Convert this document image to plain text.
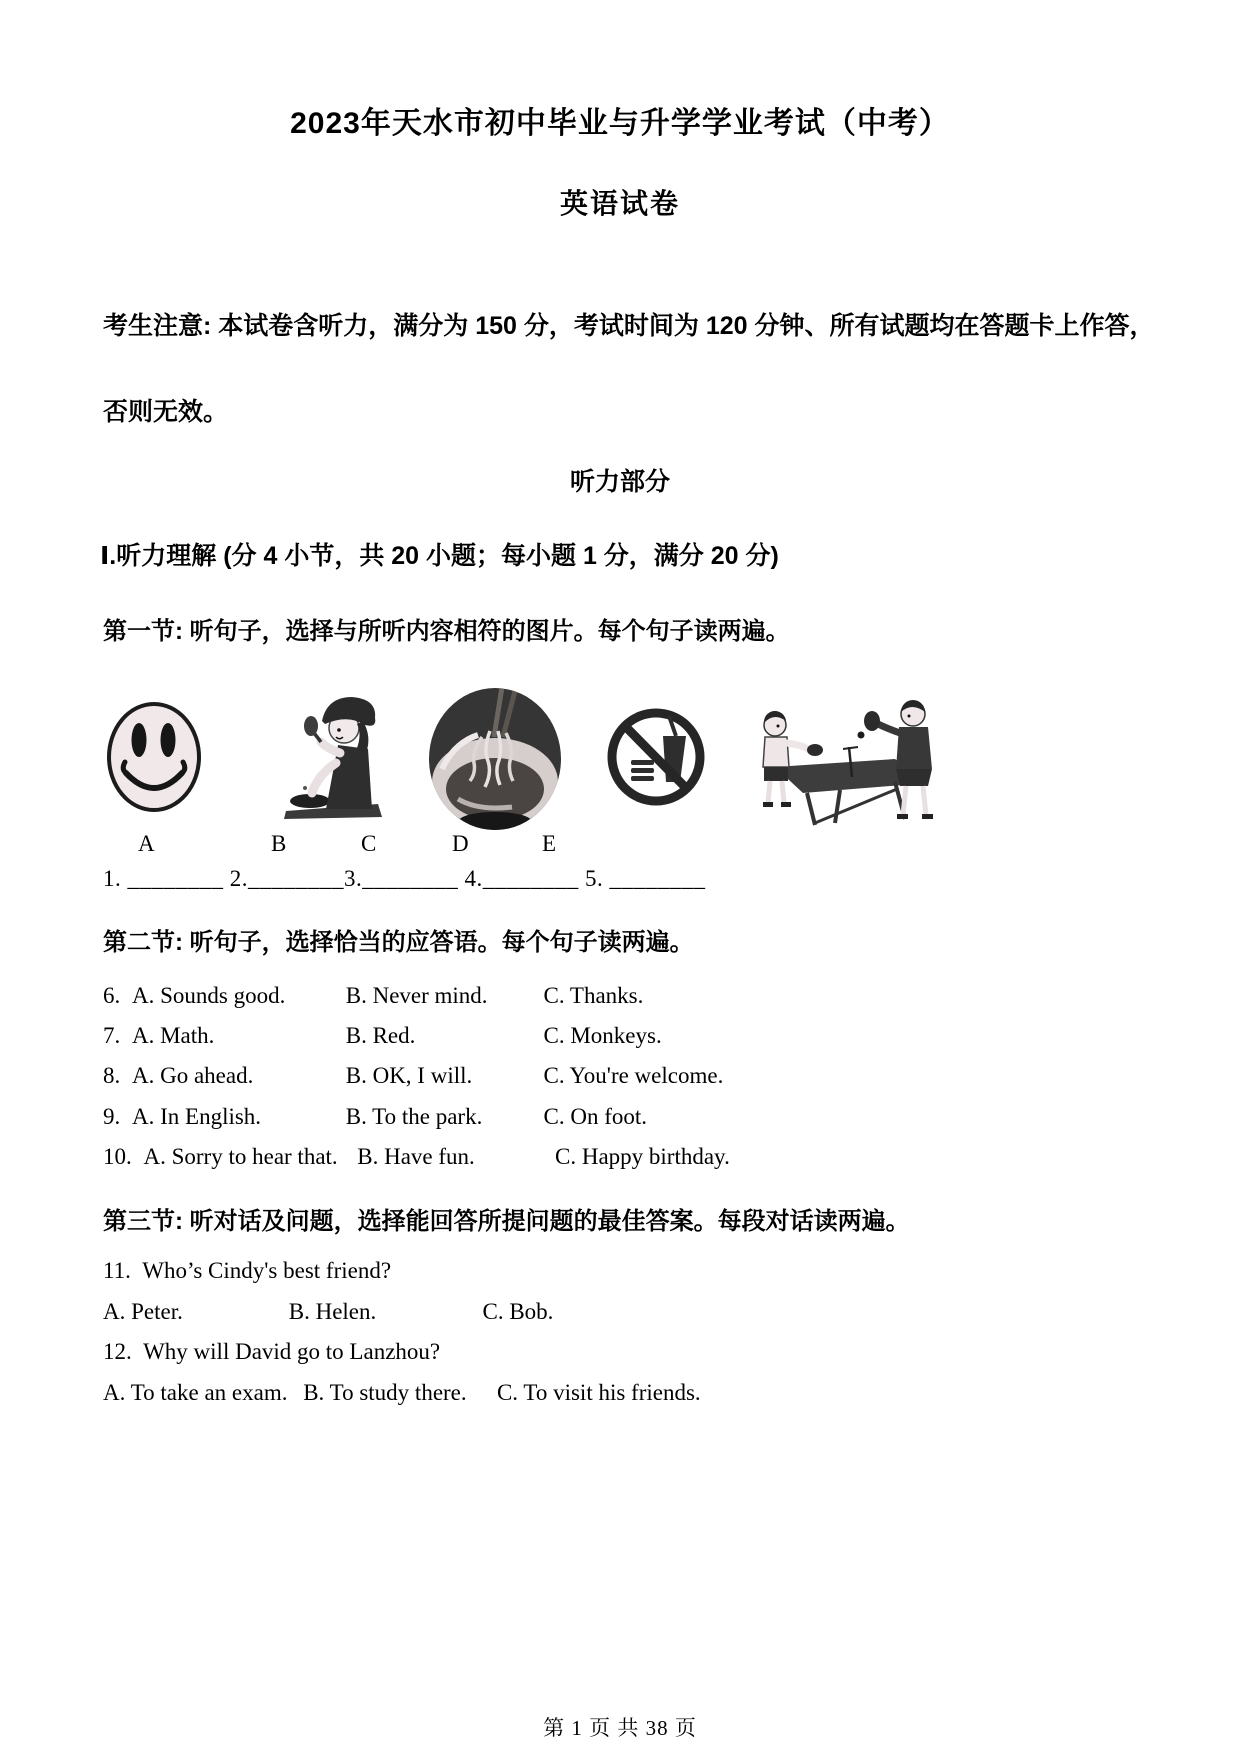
2023年天水市初中毕业与升学学业考试（中考）
英语试卷
考生注意: 本试卷含听力，满分为 150 分，考试时间为 120 分钟、所有试题均在答题卡上作答，
否则无效。
听力部分
Ⅰ.听力理解 (分 4 小节，共 20 小题；每小题 1 分，满分 20 分)
第一节: 听句子，选择与所听内容相符的图片。每个句子读两遍。
A	B	C	D	E
1. ________ 2.________3.________ 4.________ 5. ________
第二节: 听句子，选择恰当的应答语。每个句子读两遍。
6. A. Sounds good.	B. Never mind. C. Thanks.
7. A. Math.	B. Red.	C. Monkeys.
8. A. Go ahead.	B. OK, I will.	C. You're welcome.
9. A. In English.	B. To the park.	C. On foot.
10. A. Sorry to hear that. B. Have fun.	C. Happy birthday.
第三节: 听对话及问题，选择能回答所提问题的最佳答案。每段对话读两遍。
11. Who’s Cindy's best friend?
A. Peter.	B. Helen.	C. Bob.
12. Why will David go to Lanzhou?
A. To take an exam. B. To study there. C. To visit his friends.
第 1 页 共 38 页
